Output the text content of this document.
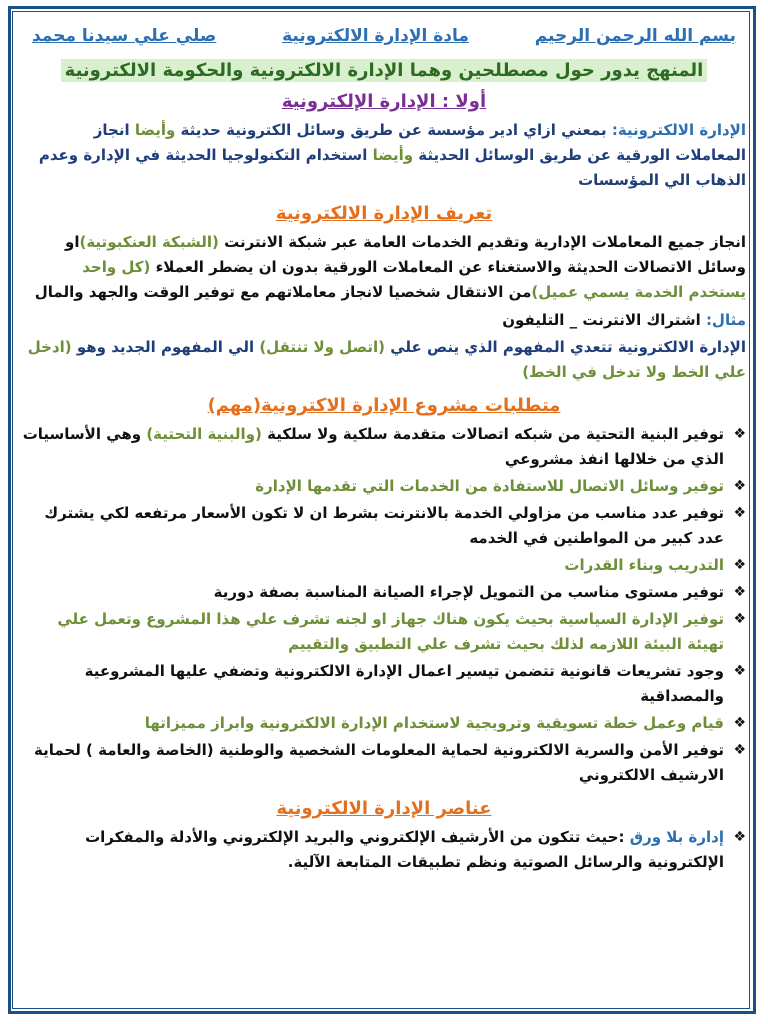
بسم الله الرحمن الرحيم
مادة الإدارة الالكترونية
صلي علي سيدنا محمد
المنهج يدور حول مصطلحين وهما الإدارة الالكترونية والحكومة الالكترونية
أولا : الإدارة الإلكترونية

الإدارة الالكترونية: بمعني ازاي ادير مؤسسة عن طريق وسائل الكترونية حديثة وأيضا انجاز المعاملات الورقية عن طريق الوسائل الحديثة وأيضا استخدام التكنولوجيا الحديثة في الإدارة وعدم الذهاب الي المؤسسات

تعريف الإدارة الالكترونية

انجاز جميع المعاملات الإدارية وتقديم الخدمات العامة عبر شبكة الانترنت (الشبكة العنكبوتية)او وسائل الاتصالات الحديثة والاستغناء عن المعاملات الورقية بدون ان يضطر العملاء (كل واحد يستخدم الخدمة يسمي عميل)من الانتقال شخصيا لانجاز معاملاتهم مع توفير الوقت والجهد والمال

مثال: اشتراك الانترنت _ التليفون

الإدارة الالكترونية تتعدي المفهوم الذي ينص علي (اتصل ولا تنتقل) الي المفهوم الجديد وهو (ادخل علي الخط ولا تدخل في الخط)

متطلبات مشروع الإدارة الاكترونية(مهم)
❖
توفير البنية التحتية من شبكه اتصالات متقدمة سلكية ولا سلكية (والبنية التحتية) وهي الأساسيات الذي من خلالها انفذ مشروعي
❖
توفير وسائل الاتصال للاستفادة من الخدمات التي تقدمها الإدارة
❖
توفير عدد مناسب من مزاولي الخدمة بالانترنت بشرط ان لا تكون الأسعار مرتفعه لكي يشترك عدد كبير من المواطنين في الخدمه
❖
التدريب وبناء القدرات
❖
توفير مستوى مناسب من التمويل لإجراء الصيانة المناسبة بصفة دورية
❖
توفير الإدارة السياسية بحيث يكون هناك جهاز او لجنه تشرف علي هذا المشروع وتعمل علي تهيئة البيئة اللازمه لذلك بحيث تشرف علي التطبيق والتقييم
❖
وجود تشريعات قانونية تتضمن تيسير اعمال الإدارة الالكترونية وتضفي عليها المشروعية والمصداقية
❖
قيام وعمل خطة تسويقية وترويجية لاستخدام الإدارة الالكترونية وابراز مميزاتها
❖
توفير الأمن والسرية الالكترونية لحماية المعلومات الشخصية والوطنية (الخاصة والعامة ) لحماية الارشيف الالكتروني
عناصر الإدارة الالكترونية
❖
إدارة بلا ورق :حيث تتكون من الأرشيف الإلكتروني والبريد الإلكتروني والأدلة والمفكرات الإلكترونية والرسائل الصوتية ونظم تطبيقات المتابعة الآلية.
